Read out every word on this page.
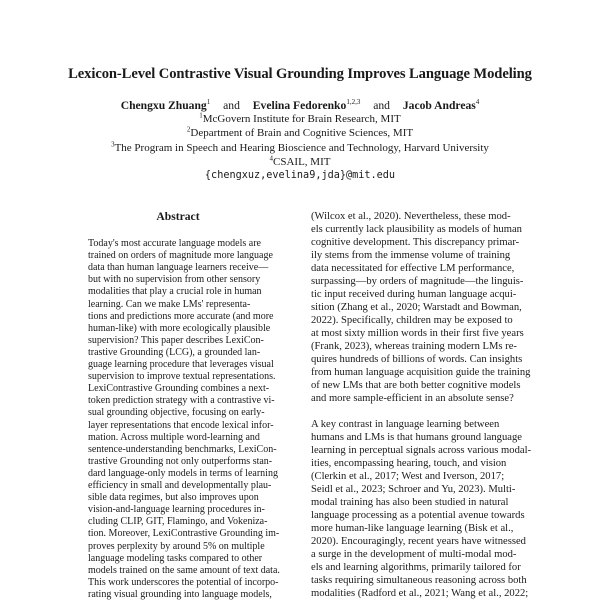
Lexicon-Level Contrastive Visual Grounding Improves Language Modeling
Chengxu Zhuang$^1$ and Evelina Fedorenko$^{1,2,3}$ and Jacob Andreas$^4$
$^1$McGovern Institute for Brain Research, MIT
$^2$Department of Brain and Cognitive Sciences, MIT
$^3$The Program in Speech and Hearing Bioscience and Technology, Harvard University
$^4$CSAIL, MIT
{chengxuz,evelina9,jda}@mit.edu
Abstract
Today's most accurate language models are
trained on orders of magnitude more language
data than human language learners receive—
but with no supervision from other sensory
modalities that play a crucial role in human
learning. Can we make LMs' representa-
tions and predictions more accurate (and more
human-like) with more ecologically plausible
supervision? This paper describes LexiCon-
trastive Grounding (LCG), a grounded lan-
guage learning procedure that leverages visual
supervision to improve textual representations.
LexiContrastive Grounding combines a next-
token prediction strategy with a contrastive vi-
sual grounding objective, focusing on early-
layer representations that encode lexical infor-
mation. Across multiple word-learning and
sentence-understanding benchmarks, LexiCon-
trastive Grounding not only outperforms stan-
dard language-only models in terms of learning
efficiency in small and developmentally plau-
sible data regimes, but also improves upon
vision-and-language learning procedures in-
cluding CLIP, GIT, Flamingo, and Vokeniza-
tion. Moreover, LexiContrastive Grounding im-
proves perplexity by around 5% on multiple
language modeling tasks compared to other
models trained on the same amount of text data.
This work underscores the potential of incorpo-
rating visual grounding into language models,
(Wilcox et al., 2020). Nevertheless, these mod-
els currently lack plausibility as models of human
cognitive development. This discrepancy primar-
ily stems from the immense volume of training
data necessitated for effective LM performance,
surpassing—by orders of magnitude—the linguis-
tic input received during human language acqui-
sition (Zhang et al., 2020; Warstadt and Bowman,
2022). Specifically, children may be exposed to
at most sixty million words in their first five years
(Frank, 2023), whereas training modern LMs re-
quires hundreds of billions of words. Can insights
from human language acquisition guide the training
of new LMs that are both better cognitive models
and more sample-efficient in an absolute sense?
A key contrast in language learning between
humans and LMs is that humans ground language
learning in perceptual signals across various modal-
ities, encompassing hearing, touch, and vision
(Clerkin et al., 2017; West and Iverson, 2017;
Seidl et al., 2023; Schroer and Yu, 2023). Multi-
modal training has also been studied in natural
language processing as a potential avenue towards
more human-like language learning (Bisk et al.,
2020). Encouragingly, recent years have witnessed
a surge in the development of multi-modal mod-
els and learning algorithms, primarily tailored for
tasks requiring simultaneous reasoning across both
modalities (Radford et al., 2021; Wang et al., 2022;
